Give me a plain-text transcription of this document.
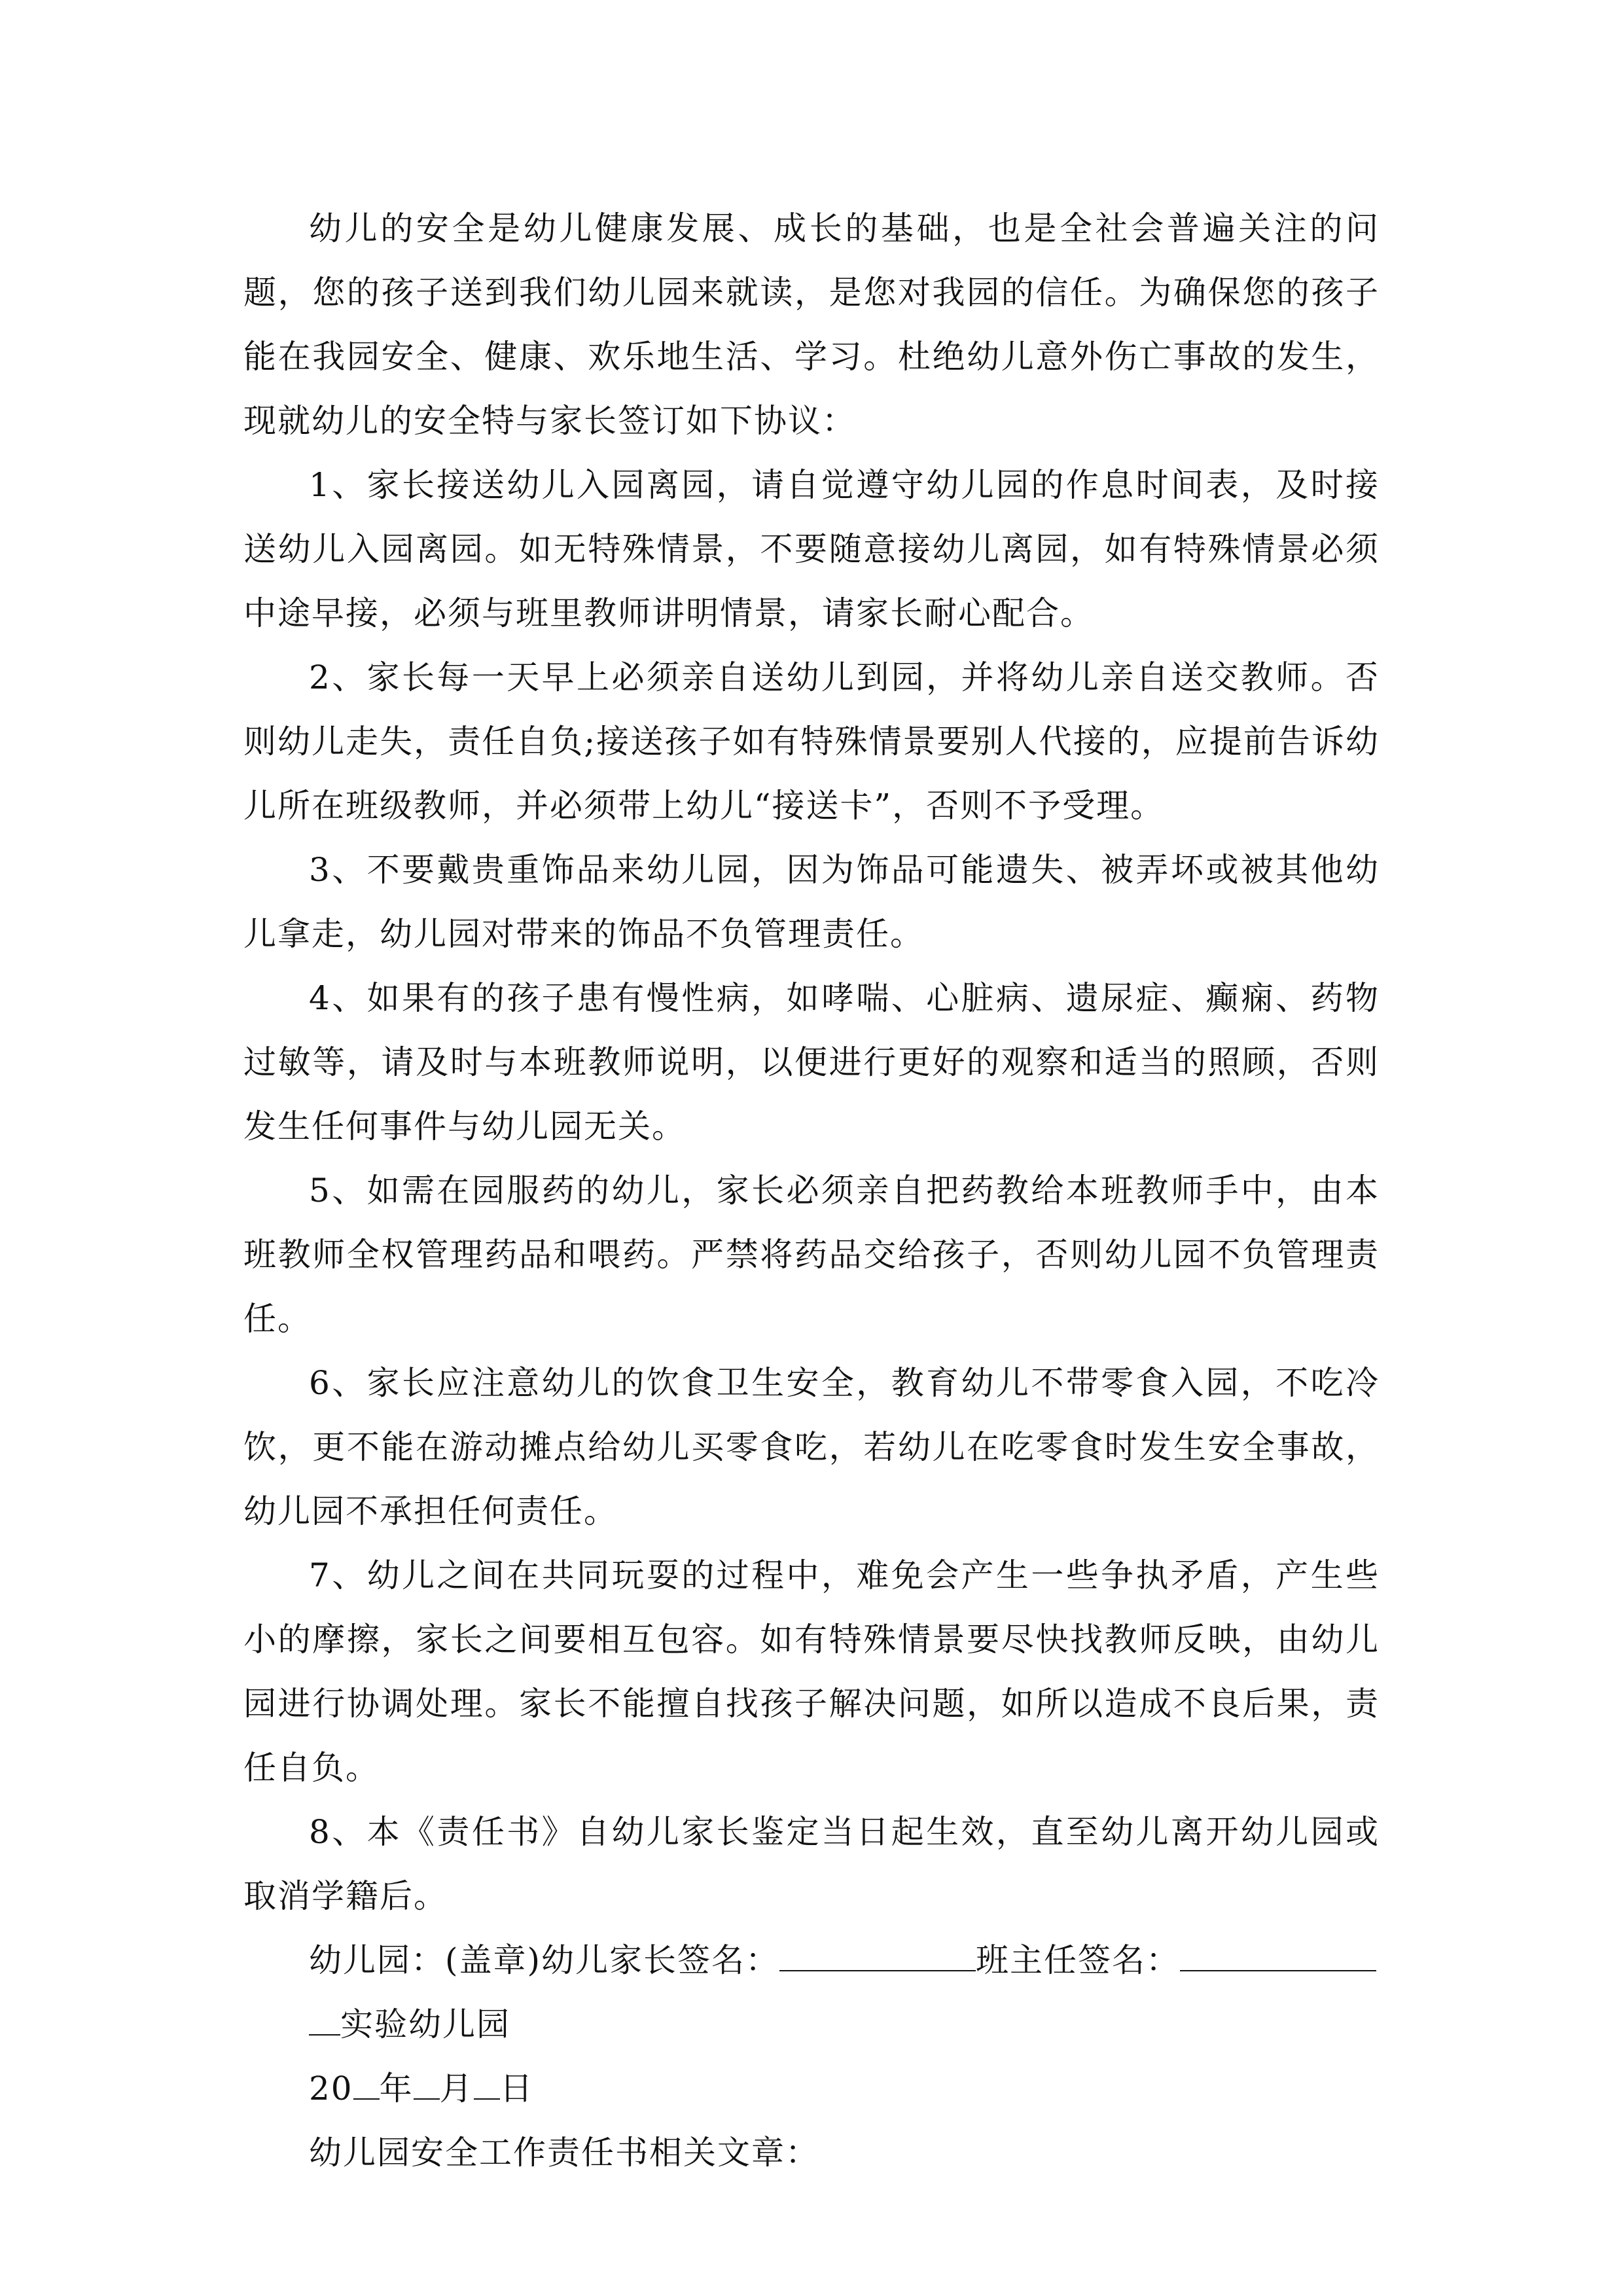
幼儿的安全是幼儿健康发展、成长的基础，也是全社会普遍关注的问题，您的孩子送到我们幼儿园来就读，是您对我园的信任。为确保您的孩子能在我园安全、健康、欢乐地生活、学习。杜绝幼儿意外伤亡事故的发生，现就幼儿的安全特与家长签订如下协议：

1、家长接送幼儿入园离园，请自觉遵守幼儿园的作息时间表，及时接送幼儿入园离园。如无特殊情景，不要随意接幼儿离园，如有特殊情景必须中途早接，必须与班里教师讲明情景，请家长耐心配合。

2、家长每一天早上必须亲自送幼儿到园，并将幼儿亲自送交教师。否则幼儿走失，责任自负;接送孩子如有特殊情景要别人代接的，应提前告诉幼儿所在班级教师，并必须带上幼儿“接送卡”，否则不予受理。

3、不要戴贵重饰品来幼儿园，因为饰品可能遗失、被弄坏或被其他幼儿拿走，幼儿园对带来的饰品不负管理责任。

4、如果有的孩子患有慢性病，如哮喘、心脏病、遗尿症、癫痫、药物过敏等，请及时与本班教师说明，以便进行更好的观察和适当的照顾，否则发生任何事件与幼儿园无关。

5、如需在园服药的幼儿，家长必须亲自把药教给本班教师手中，由本班教师全权管理药品和喂药。严禁将药品交给孩子，否则幼儿园不负管理责任。

6、家长应注意幼儿的饮食卫生安全，教育幼儿不带零食入园，不吃冷饮，更不能在游动摊点给幼儿买零食吃，若幼儿在吃零食时发生安全事故，幼儿园不承担任何责任。

7、幼儿之间在共同玩耍的过程中，难免会产生一些争执矛盾，产生些小的摩擦，家长之间要相互包容。如有特殊情景要尽快找教师反映，由幼儿园进行协调处理。家长不能擅自找孩子解决问题，如所以造成不良后果，责任自负。

8、本《责任书》自幼儿家长鉴定当日起生效，直至幼儿离开幼儿园或取消学籍后。

幼儿园：(盖章)幼儿家长签名：	班主任签名：
实验幼儿园
20 年 月 日
幼儿园安全工作责任书相关文章：
